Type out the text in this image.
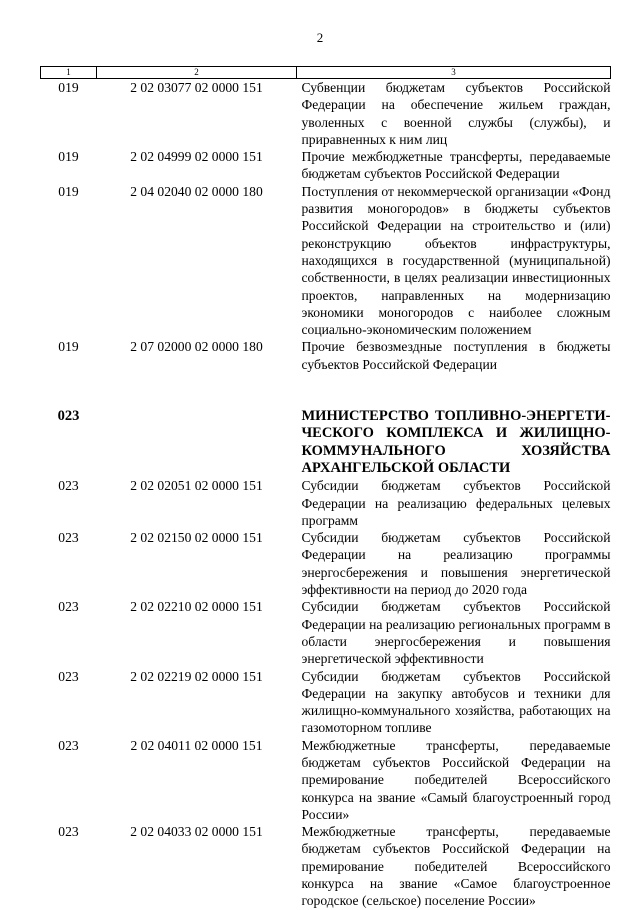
2
1	2	3
019	2 02 03077 02 0000 151	Субвенции бюджетам субъектов Российской Федерации на обеспечение жильем граждан, уволенных с военной службы (службы), и приравненных к ним лиц
019	2 02 04999 02 0000 151	Прочие межбюджетные трансферты, передаваемые бюджетам субъектов Российской Федерации
019	2 04 02040 02 0000 180	Поступления от некоммерческой организации «Фонд развития моногородов» в бюджеты субъектов Российской Федерации на строительство и (или) реконструкцию объектов инфраструктуры, находящихся в государственной (муниципальной) собственности, в целях реализации инвестиционных проектов, направленных на модернизацию экономики моногородов с наиболее сложным социально-экономическим положением
019	2 07 02000 02 0000 180	Прочие безвозмездные поступления в бюджеты субъектов Российской Федерации

023		МИНИСТЕРСТВО ТОПЛИВНО-ЭНЕРГЕТИ-ЧЕСКОГО КОМПЛЕКСА И ЖИЛИЩНО-КОММУНАЛЬНОГО ХОЗЯЙСТВА АРХАНГЕЛЬСКОЙ ОБЛАСТИ
023	2 02 02051 02 0000 151	Субсидии бюджетам субъектов Российской Федерации на реализацию федеральных целевых программ
023	2 02 02150 02 0000 151	Субсидии бюджетам субъектов Российской Федерации на реализацию программы энергосбережения и повышения энергетической эффективности на период до 2020 года
023	2 02 02210 02 0000 151	Субсидии бюджетам субъектов Российской Федерации на реализацию региональных программ в области энергосбережения и повышения энергетической эффективности
023	2 02 02219 02 0000 151	Субсидии бюджетам субъектов Российской Федерации на закупку автобусов и техники для жилищно-коммунального хозяйства, работающих на газомоторном топливе
023	2 02 04011 02 0000 151	Межбюджетные трансферты, передаваемые бюджетам субъектов Российской Федерации на премирование победителей Всероссийского конкурса на звание «Самый благоустроенный город России»
023	2 02 04033 02 0000 151	Межбюджетные трансферты, передаваемые бюджетам субъектов Российской Федерации на премирование победителей Всероссийского конкурса на звание «Самое благоустроенное городское (сельское) поселение России»
